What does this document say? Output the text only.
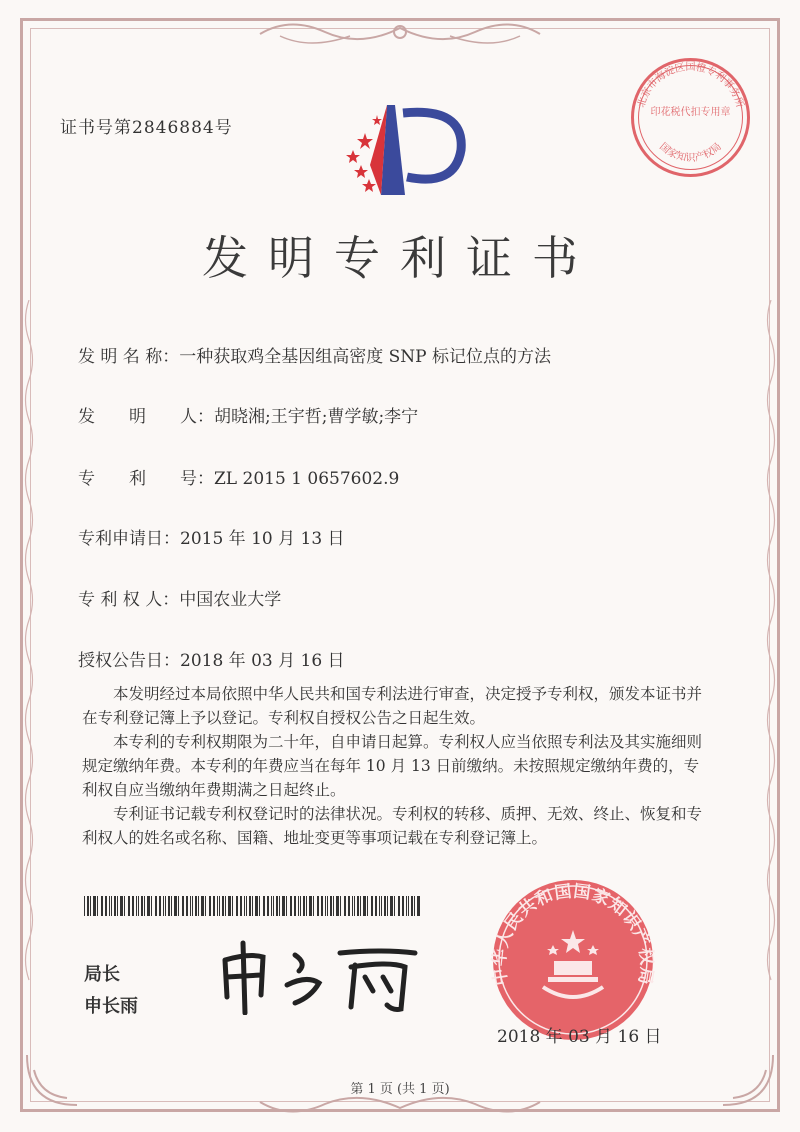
证书号第2846884号
北京市海淀区国橙专利事务所
印花税代扣专用章
国家知识产权局
发明专利证书
发 明 名 称：一种获取鸡全基因组高密度 SNP 标记位点的方法
发　　明　　人：胡晓湘;王宇哲;曹学敏;李宁
专　　利　　号：ZL 2015 1 0657602.9
专利申请日：2015 年 10 月 13 日
专 利 权 人：中国农业大学
授权公告日：2018 年 03 月 16 日

本发明经过本局依照中华人民共和国专利法进行审查，决定授予专利权，颁发本证书并在专利登记簿上予以登记。专利权自授权公告之日起生效。

本专利的专利权期限为二十年，自申请日起算。专利权人应当依照专利法及其实施细则规定缴纳年费。本专利的年费应当在每年 10 月 13 日前缴纳。未按照规定缴纳年费的，专利权自应当缴纳年费期满之日起终止。

专利证书记载专利权登记时的法律状况。专利权的转移、质押、无效、终止、恢复和专利权人的姓名或名称、国籍、地址变更等事项记载在专利登记簿上。

局长
申长雨
中华人民共和国国家知识产权局
2018 年 03 月 16 日
第 1 页 (共 1 页)
